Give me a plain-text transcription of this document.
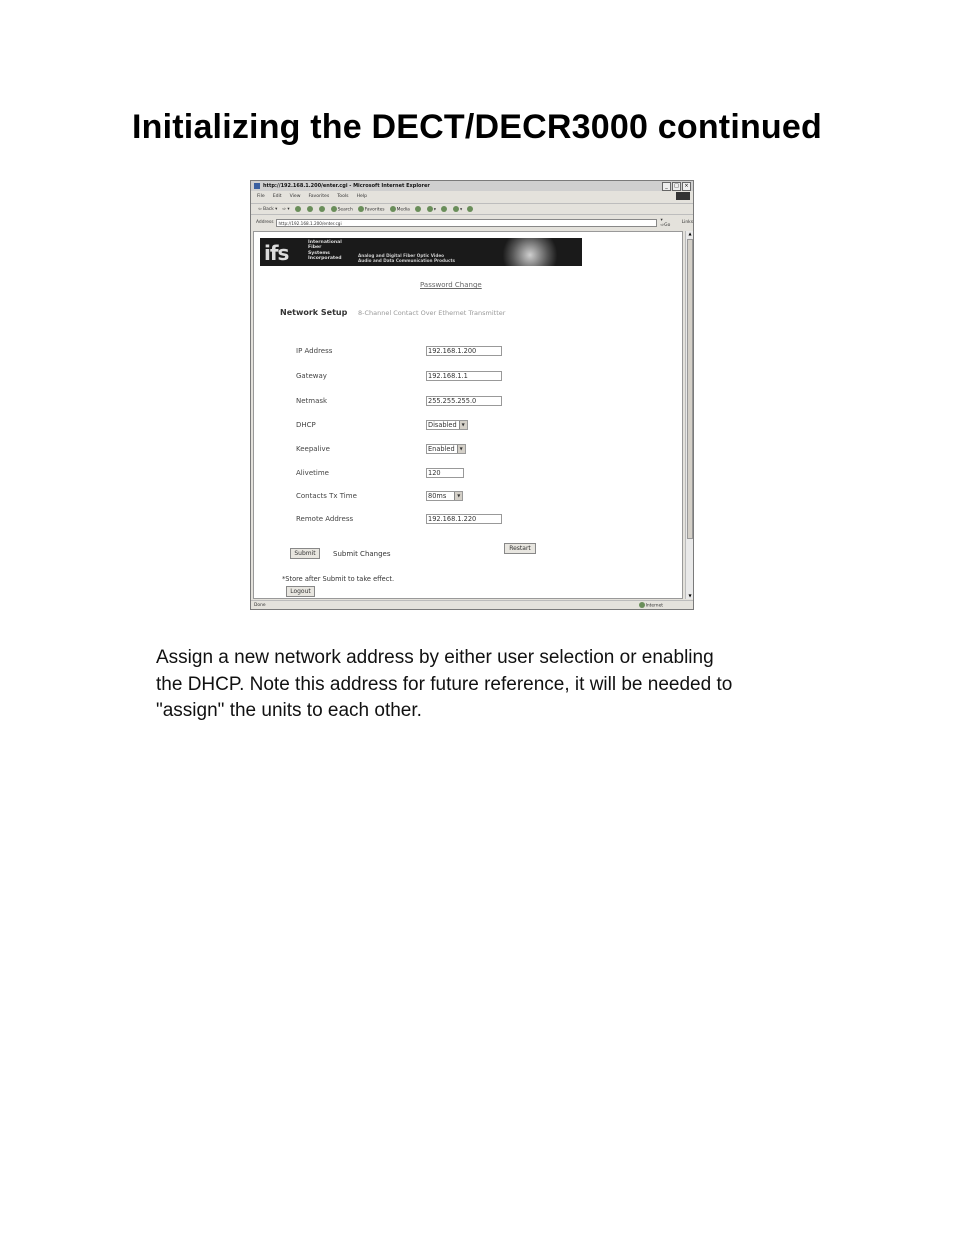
Initializing the DECT/DECR3000 continued
http://192.168.1.200/enter.cgi - Microsoft Internet Explorer	_	□	×
File Edit View Favorites Tools Help
⇦ Back ▾ ⇨ ▾	Search	Favorites	Media	▾	▾
Address	http://192.168.1.200/enter.cgi
▾ ⇨Go	Links
ifs	International
Fiber
Systems
Incorporated
Analog and Digital Fiber Optic Video
Audio and Data Communication Products
Password Change
Network Setup 8-Channel Contact Over Ethernet Transmitter
IP Address	192.168.1.200
Gateway	192.168.1.1
Netmask	255.255.255.0
DHCP	Disabled	▼
Keepalive	Enabled	▼
Alivetime	120
Contacts Tx Time	80ms	▼
Remote Address	192.168.1.220
Submit	Submit Changes
Restart
*Store after Submit to take effect.
Logout
▲
▼
Done	Internet
Assign a new network address by either user selection or enabling
the DHCP. Note this address for future reference, it will be needed to
"assign" the units to each other.
